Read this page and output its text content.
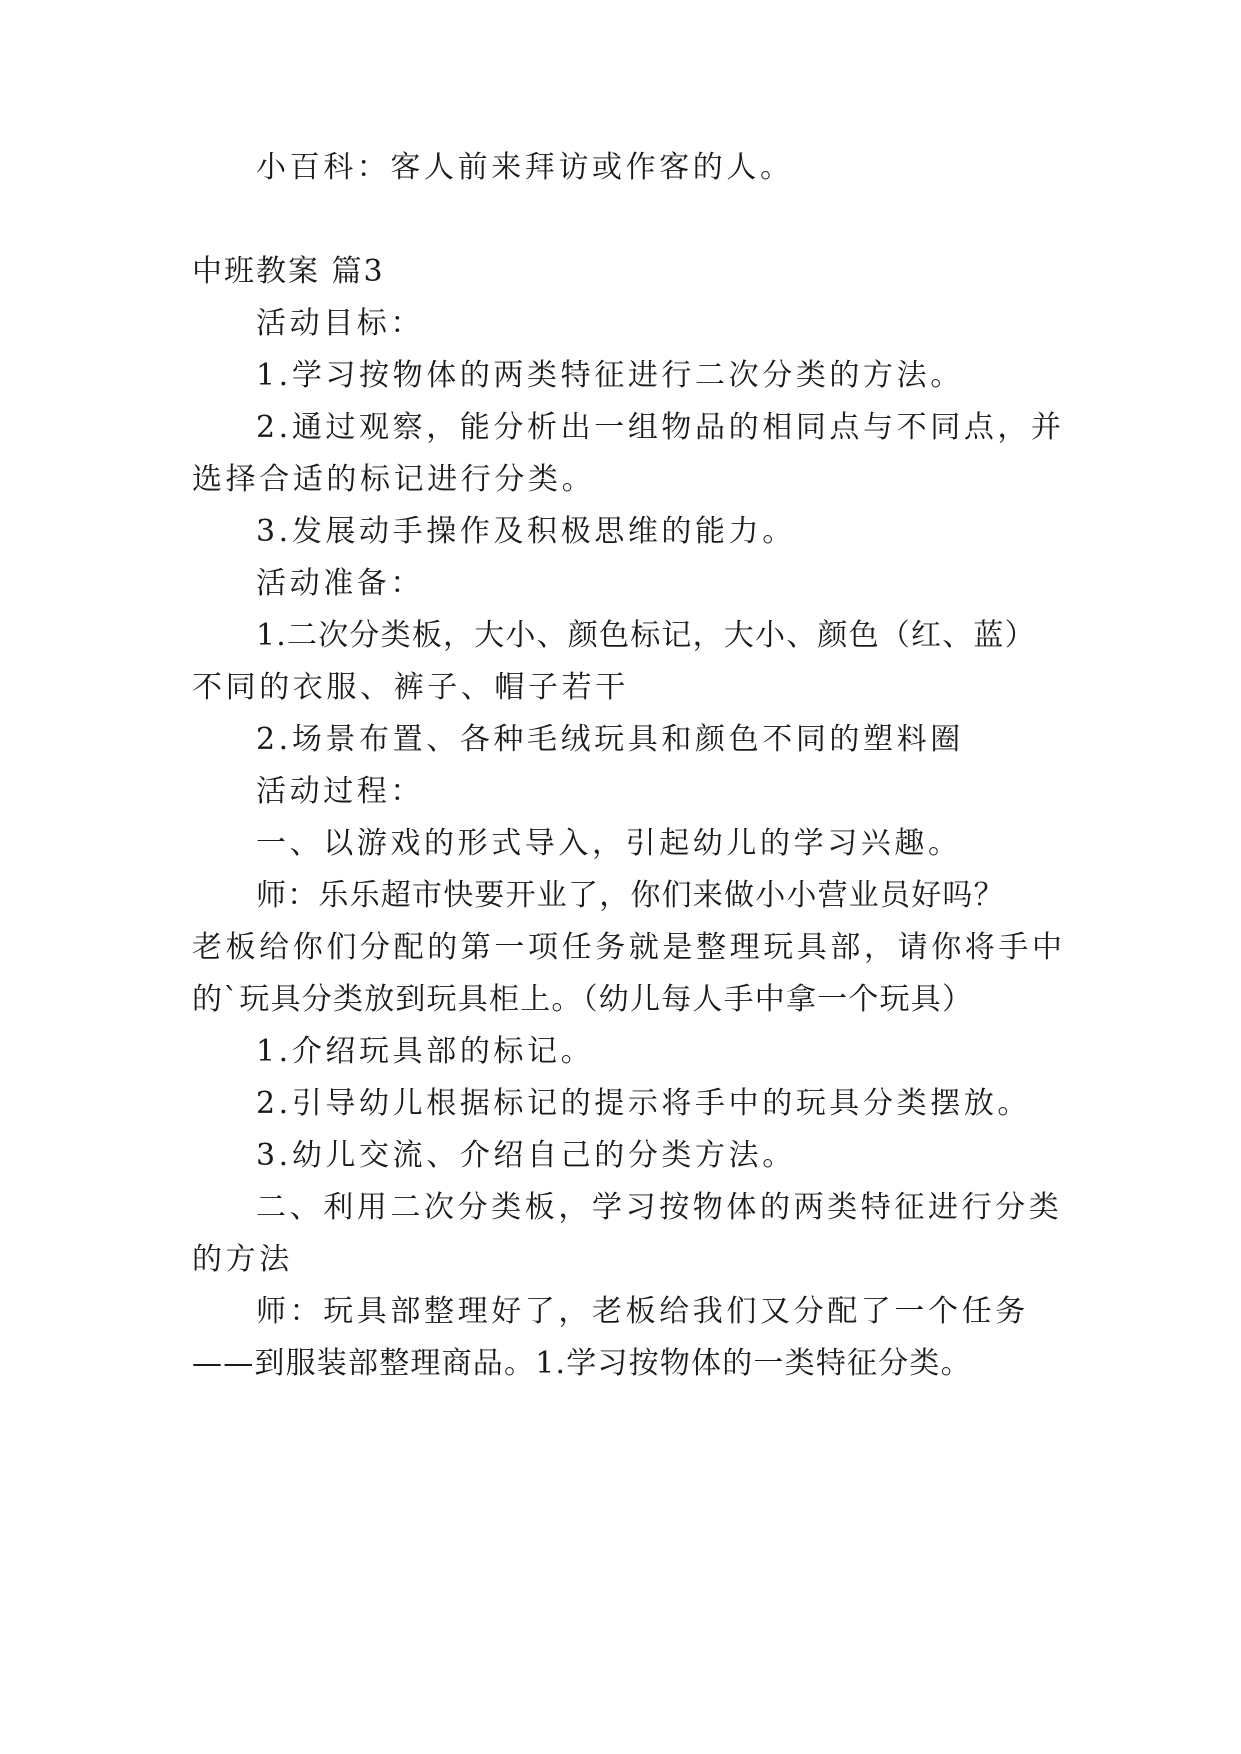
小百科：客人前来拜访或作客的人。
中班教案 篇3
活动目标：
1.学习按物体的两类特征进行二次分类的方法。
2.通过观察，能分析出一组物品的相同点与不同点，并
选择合适的标记进行分类。
3.发展动手操作及积极思维的能力。
活动准备：
1.二次分类板，大小、颜色标记，大小、颜色（红、蓝）
不同的衣服、裤子、帽子若干
2.场景布置、各种毛绒玩具和颜色不同的塑料圈
活动过程：
一、以游戏的形式导入，引起幼儿的学习兴趣。
师：乐乐超市快要开业了，你们来做小小营业员好吗？
老板给你们分配的第一项任务就是整理玩具部，请你将手中
的`玩具分类放到玩具柜上。（幼儿每人手中拿一个玩具）
1.介绍玩具部的标记。
2.引导幼儿根据标记的提示将手中的玩具分类摆放。
3.幼儿交流、介绍自己的分类方法。
二、利用二次分类板，学习按物体的两类特征进行分类
的方法
师：玩具部整理好了，老板给我们又分配了一个任务
——到服装部整理商品。1.学习按物体的一类特征分类。
